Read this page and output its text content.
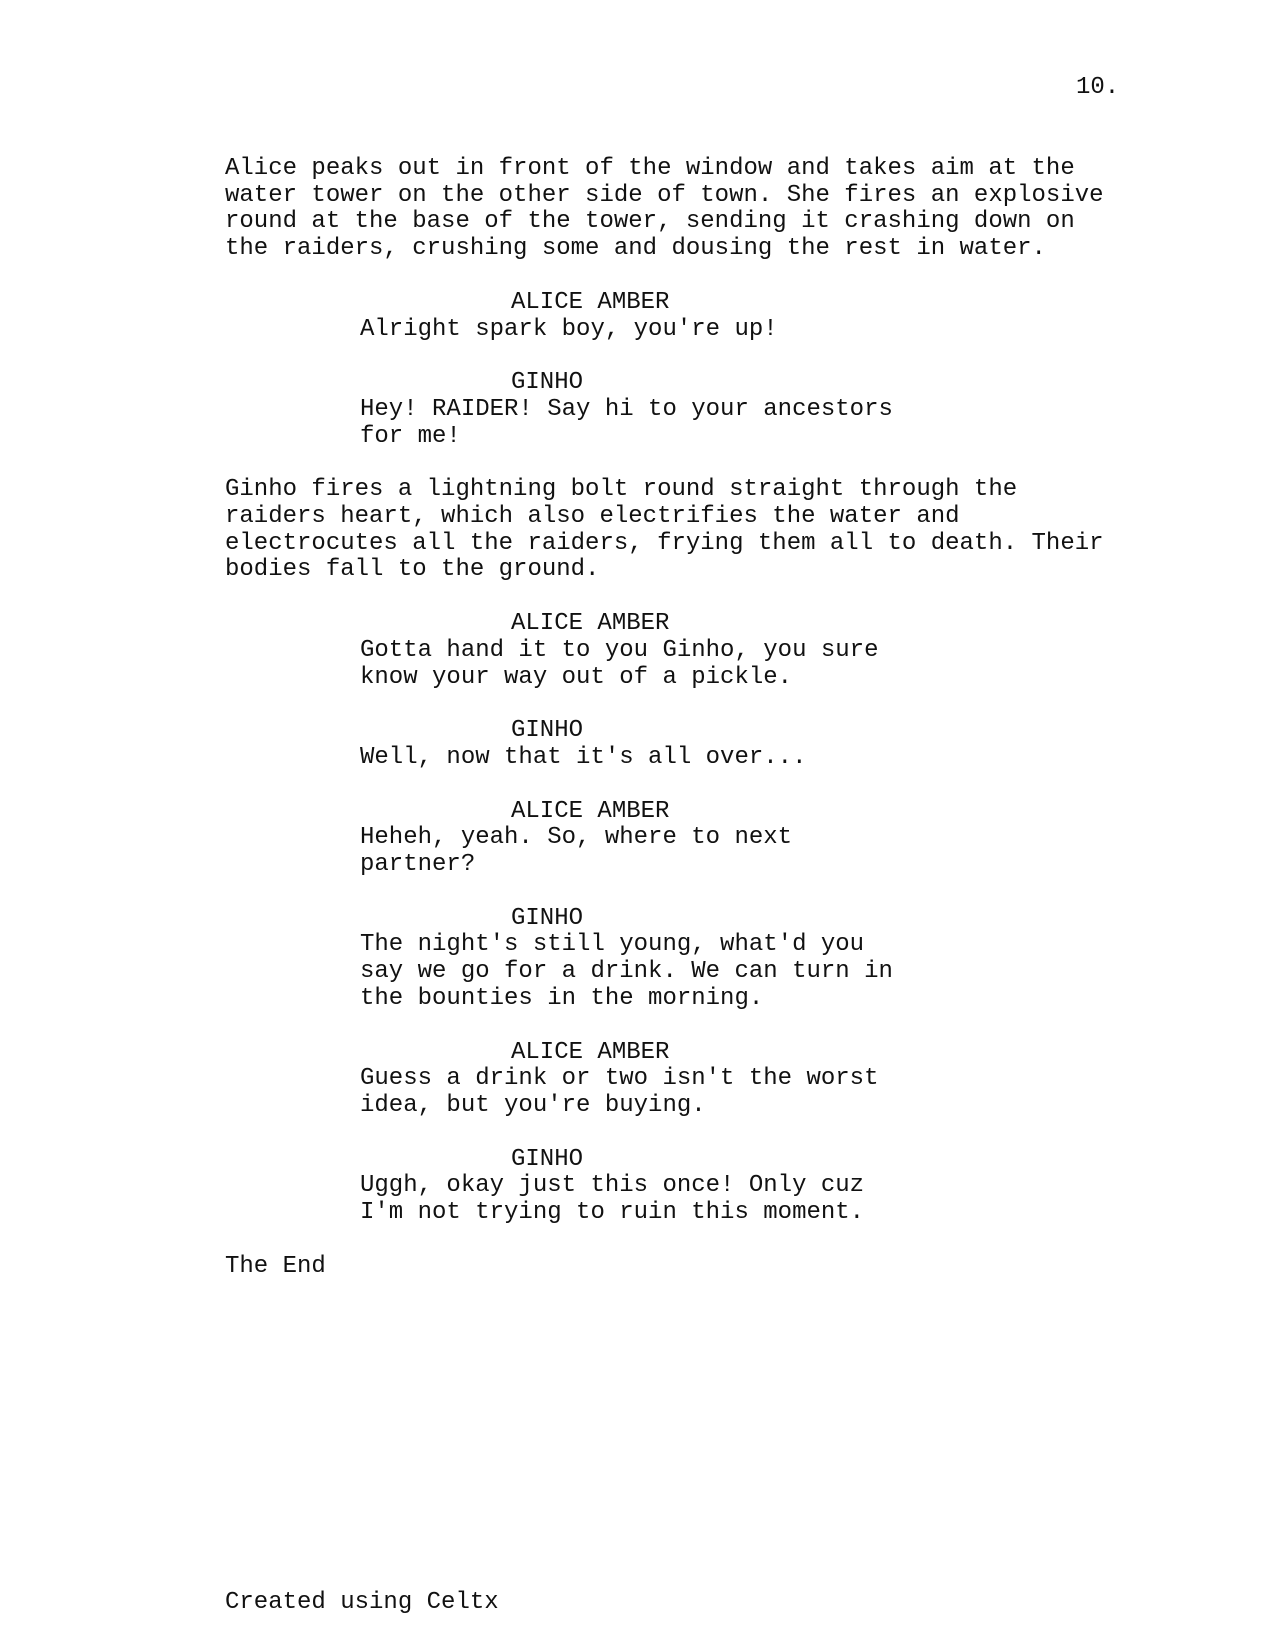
10.
Alice peaks out in front of the window and takes aim at the
water tower on the other side of town. She fires an explosive
round at the base of the tower, sending it crashing down on
the raiders, crushing some and dousing the rest in water.
ALICE AMBER
Alright spark boy, you're up!
GINHO
Hey! RAIDER! Say hi to your ancestors
for me!
Ginho fires a lightning bolt round straight through the
raiders heart, which also electrifies the water and
electrocutes all the raiders, frying them all to death. Their
bodies fall to the ground.
ALICE AMBER
Gotta hand it to you Ginho, you sure
know your way out of a pickle.
GINHO
Well, now that it's all over...
ALICE AMBER
Heheh, yeah. So, where to next
partner?
GINHO
The night's still young, what'd you
say we go for a drink. We can turn in
the bounties in the morning.
ALICE AMBER
Guess a drink or two isn't the worst
idea, but you're buying.
GINHO
Uggh, okay just this once! Only cuz
I'm not trying to ruin this moment.
The End
Created using Celtx
